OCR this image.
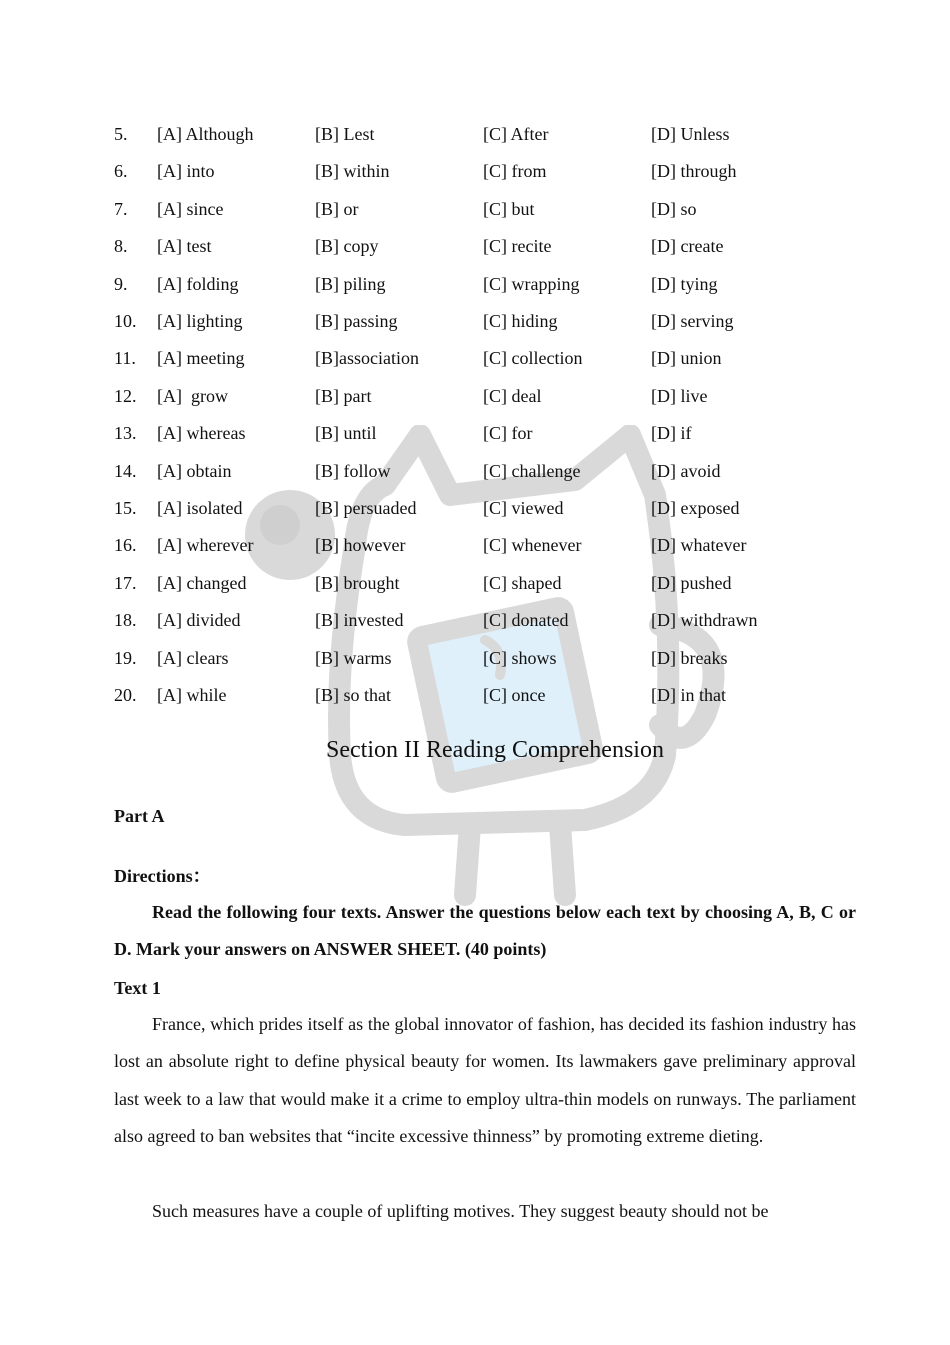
5. [A] Although	[B] Lest	[C] After	[D] Unless
6. [A] into	[B] within	[C] from	[D] through
7. [A] since	[B] or	[C] but	[D] so
8. [A] test	[B] copy	[C] recite	[D] create
9. [A] folding	[B] piling	[C] wrapping	[D] tying
10. [A] lighting	[B] passing	[C] hiding	[D] serving
11. [A] meeting	[B]association	[C] collection	[D] union
12. [A]  grow	[B] part	[C] deal	[D] live
13. [A] whereas	[B] until	[C] for	[D] if
14. [A] obtain	[B] follow	[C] challenge	[D] avoid
15. [A] isolated	[B] persuaded	[C] viewed	[D] exposed
16. [A] wherever	[B] however	[C] whenever	[D] whatever
17. [A] changed	[B] brought	[C] shaped	[D] pushed
18. [A] divided	[B] invested	[C] donated	[D] withdrawn
19. [A] clears	[B] warms	[C] shows	[D] breaks
20. [A] while	[B] so that	[C] once	[D] in that
Section II Reading Comprehension
Part A
Directions：

Read the following four texts. Answer the questions below each text by choosing A, B, C or D. Mark your answers on ANSWER SHEET. (40 points)

Text 1

France, which prides itself as the global innovator of fashion, has decided its fashion industry has lost an absolute right to define physical beauty for women. Its lawmakers gave preliminary approval last week to a law that would make it a crime to employ ultra-thin models on runways. The parliament also agreed to ban websites that “incite excessive thinness” by promoting extreme dieting.

Such measures have a couple of uplifting motives. They suggest beauty should not be
